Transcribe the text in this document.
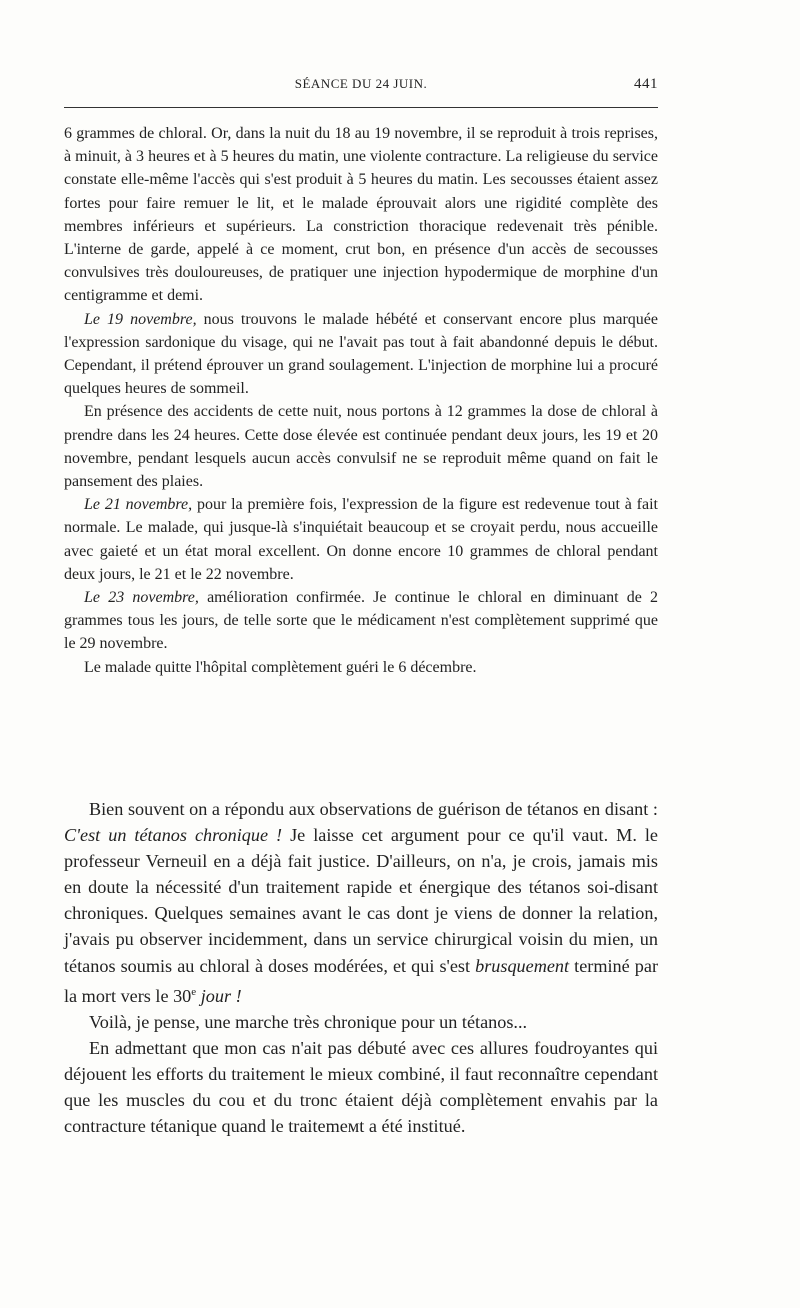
SÉANCE DU 24 JUIN.	441

6 grammes de chloral. Or, dans la nuit du 18 au 19 novembre, il se reproduit à trois reprises, à minuit, à 3 heures et à 5 heures du matin, une violente contracture. La religieuse du service constate elle-même l'accès qui s'est produit à 5 heures du matin. Les secousses étaient assez fortes pour faire remuer le lit, et le malade éprouvait alors une rigidité complète des membres inférieurs et supérieurs. La constriction thoracique redevenait très pénible. L'interne de garde, appelé à ce moment, crut bon, en présence d'un accès de secousses convulsives très douloureuses, de pratiquer une injection hypodermique de morphine d'un centigramme et demi.

Le 19 novembre, nous trouvons le malade hébété et conservant encore plus marquée l'expression sardonique du visage, qui ne l'avait pas tout à fait abandonné depuis le début. Cependant, il prétend éprouver un grand soulagement. L'injection de morphine lui a procuré quelques heures de sommeil.

En présence des accidents de cette nuit, nous portons à 12 grammes la dose de chloral à prendre dans les 24 heures. Cette dose élevée est continuée pendant deux jours, les 19 et 20 novembre, pendant lesquels aucun accès convulsif ne se reproduit même quand on fait le pansement des plaies.

Le 21 novembre, pour la première fois, l'expression de la figure est redevenue tout à fait normale. Le malade, qui jusque-là s'inquiétait beaucoup et se croyait perdu, nous accueille avec gaieté et un état moral excellent. On donne encore 10 grammes de chloral pendant deux jours, le 21 et le 22 novembre.

Le 23 novembre, amélioration confirmée. Je continue le chloral en diminuant de 2 grammes tous les jours, de telle sorte que le médicament n'est complètement supprimé que le 29 novembre.

Le malade quitte l'hôpital complètement guéri le 6 décembre.

Bien souvent on a répondu aux observations de guérison de tétanos en disant : C'est un tétanos chronique ! Je laisse cet argument pour ce qu'il vaut. M. le professeur Verneuil en a déjà fait justice. D'ailleurs, on n'a, je crois, jamais mis en doute la nécessité d'un traitement rapide et énergique des tétanos soi-disant chroniques. Quelques semaines avant le cas dont je viens de donner la relation, j'avais pu observer incidemment, dans un service chirurgical voisin du mien, un tétanos soumis au chloral à doses modérées, et qui s'est brusquement terminé par la mort vers le 30e jour !

Voilà, je pense, une marche très chronique pour un tétanos...

En admettant que mon cas n'ait pas débuté avec ces allures foudroyantes qui déjouent les efforts du traitement le mieux combiné, il faut reconnaître cependant que les muscles du cou et du tronc étaient déjà complètement envahis par la contracture tétanique quand le traitemeмt a été institué.
